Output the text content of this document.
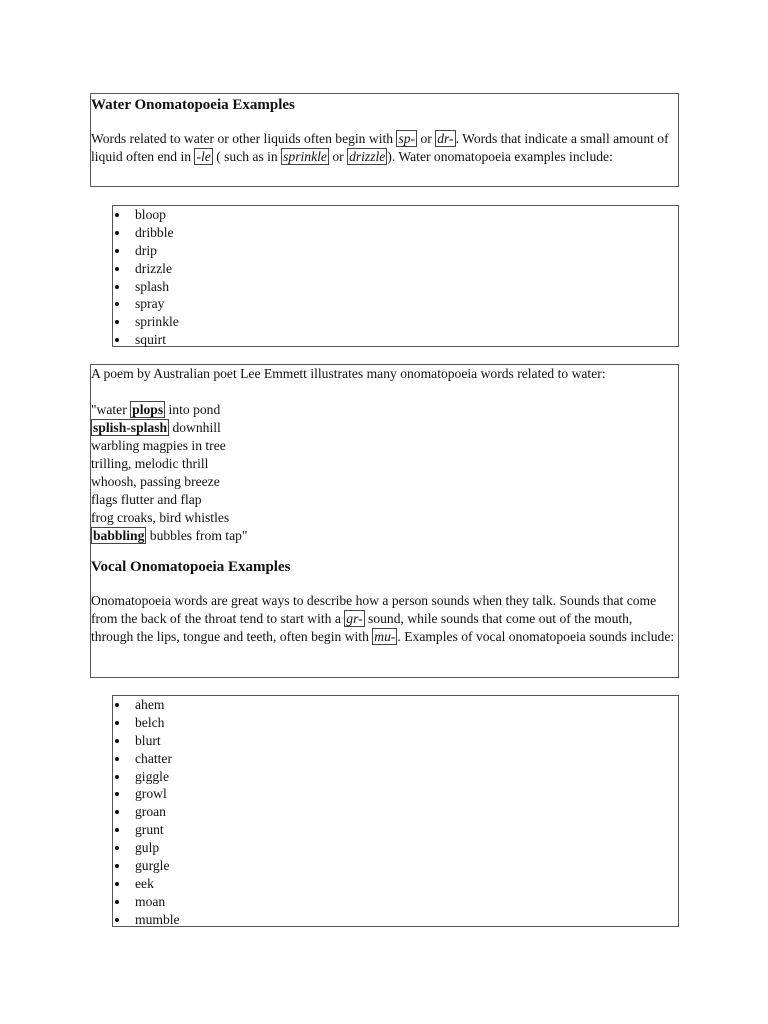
Water Onomatopoeia Examples

Words related to water or other liquids often begin with sp- or dr- . Words that indicate a small amount of liquid often end in -le ( such as in sprinkle or drizzle ). Water onomatopoeia examples include:

bloop
dribble
drip
drizzle
splash
spray
sprinkle
squirt

A poem by Australian poet Lee Emmett illustrates many onomatopoeia words related to water:

"water plops into pond
splish-splash downhill
warbling magpies in tree
trilling, melodic thrill
whoosh, passing breeze
flags flutter and flap
frog croaks, bird whistles
babbling bubbles from tap"
Vocal Onomatopoeia Examples

Onomatopoeia words are great ways to describe how a person sounds when they talk. Sounds that come from the back of the throat tend to start with a gr- sound, while sounds that come out of the mouth, through the lips, tongue and teeth, often begin with mu- . Examples of vocal onomatopoeia sounds include:

ahem
belch
blurt
chatter
giggle
growl
groan
grunt
gulp
gurgle
eek
moan
mumble
